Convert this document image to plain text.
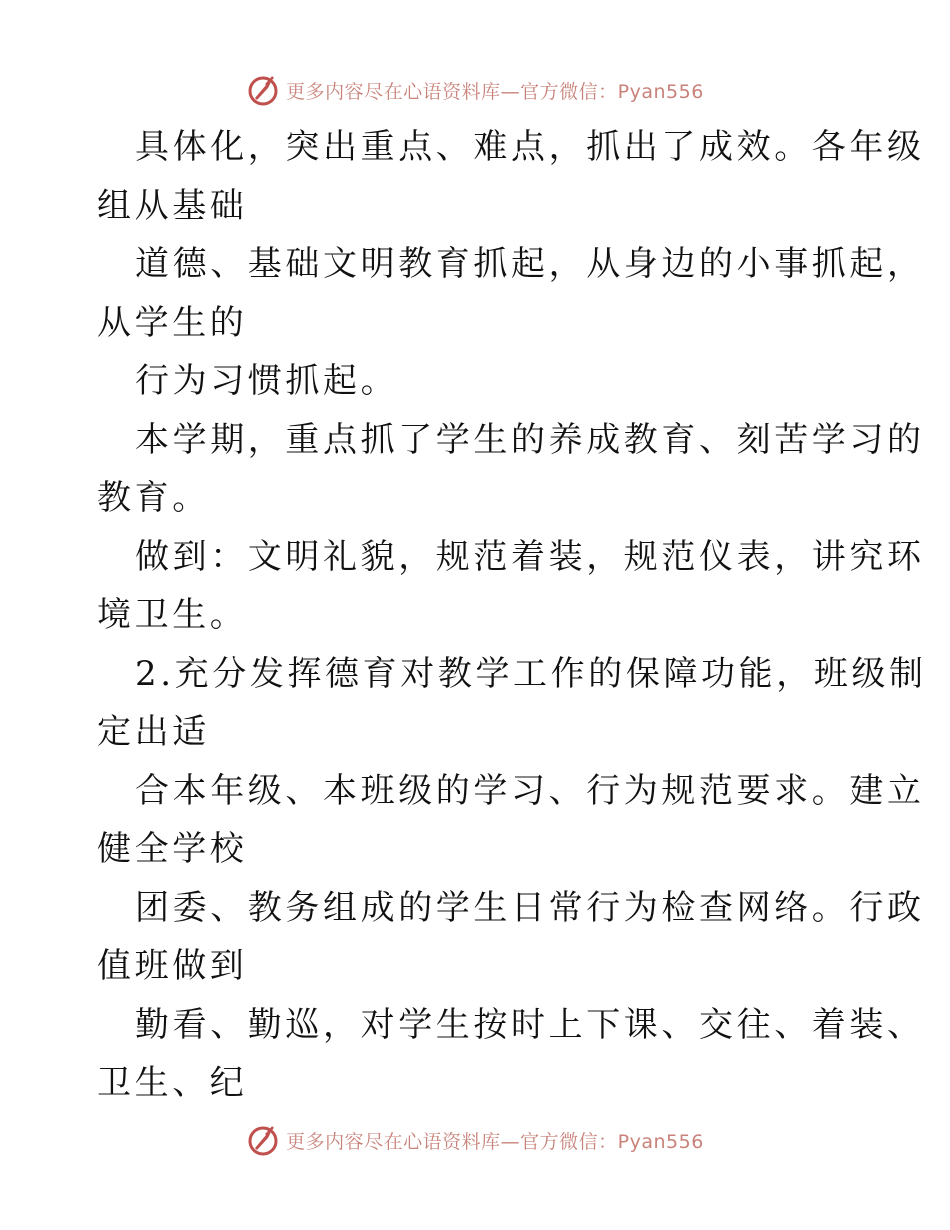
更多内容尽在心语资料库—官方微信：Pyan556
具体化，突出重点、难点，抓出了成效。各年级
组从基础
道德、基础文明教育抓起，从身边的小事抓起，
从学生的
行为习惯抓起。
本学期，重点抓了学生的养成教育、刻苦学习的
教育。
做到：文明礼貌，规范着装，规范仪表，讲究环
境卫生。
2.充分发挥德育对教学工作的保障功能，班级制
定出适
合本年级、本班级的学习、行为规范要求。建立
健全学校
团委、教务组成的学生日常行为检查网络。行政
值班做到
勤看、勤巡，对学生按时上下课、交往、着装、
卫生、纪
更多内容尽在心语资料库—官方微信：Pyan556
